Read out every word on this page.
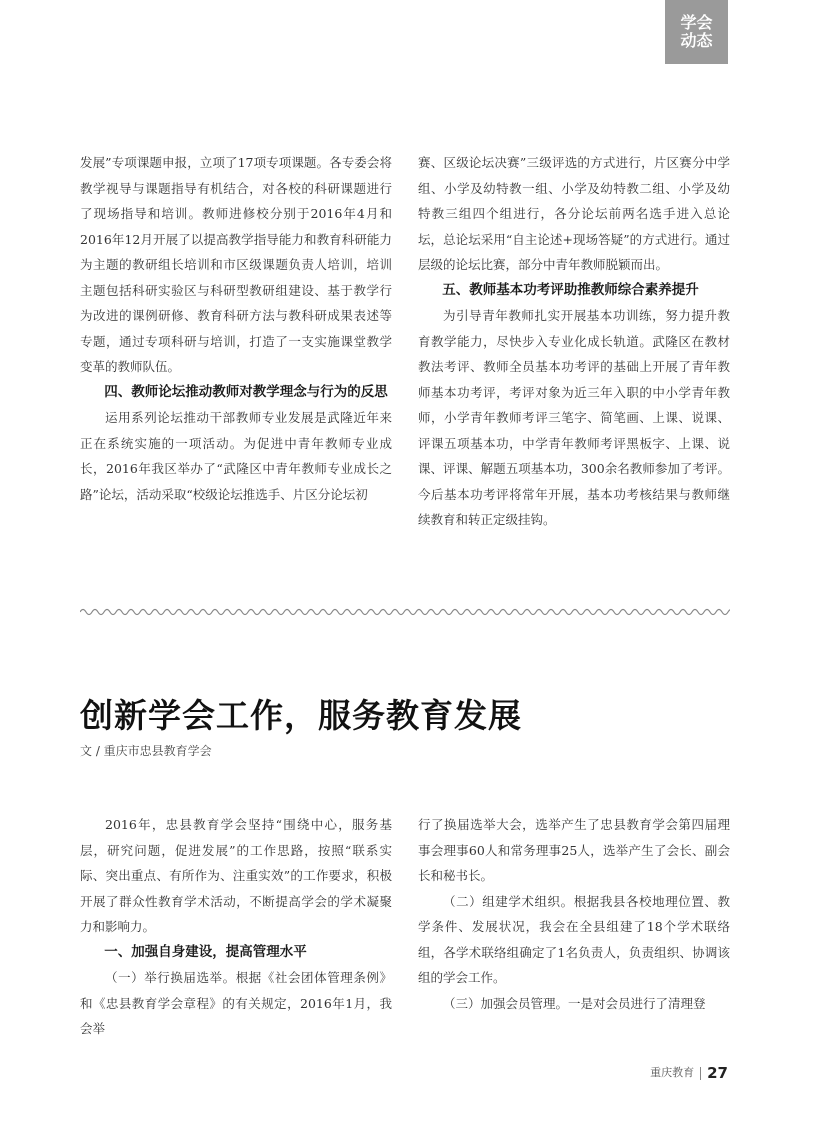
学会
动态

发展”专项课题申报，立项了17项专项课题。各专委会将教学视导与课题指导有机结合，对各校的科研课题进行了现场指导和培训。教师进修校分别于2016年4月和2016年12月开展了以提高教学指导能力和教育科研能力为主题的教研组长培训和市区级课题负责人培训，培训主题包括科研实验区与科研型教研组建设、基于教学行为改进的课例研修、教育科研方法与教科研成果表述等专题，通过专项科研与培训，打造了一支实施课堂教学变革的教师队伍。

四、教师论坛推动教师对教学理念与行为的反思

运用系列论坛推动干部教师专业发展是武隆近年来正在系统实施的一项活动。为促进中青年教师专业成长，2016年我区举办了“武隆区中青年教师专业成长之路”论坛，活动采取“校级论坛推选手、片区分论坛初

赛、区级论坛决赛”三级评选的方式进行，片区赛分中学组、小学及幼特教一组、小学及幼特教二组、小学及幼特教三组四个组进行，各分论坛前两名选手进入总论坛，总论坛采用“自主论述+现场答疑”的方式进行。通过层级的论坛比赛，部分中青年教师脱颖而出。

五、教师基本功考评助推教师综合素养提升

为引导青年教师扎实开展基本功训练，努力提升教育教学能力，尽快步入专业化成长轨道。武隆区在教材教法考评、教师全员基本功考评的基础上开展了青年教师基本功考评，考评对象为近三年入职的中小学青年教师，小学青年教师考评三笔字、简笔画、上课、说课、评课五项基本功，中学青年教师考评黑板字、上课、说课、评课、解题五项基本功，300余名教师参加了考评。今后基本功考评将常年开展，基本功考核结果与教师继续教育和转正定级挂钩。

创新学会工作，服务教育发展

文 / 重庆市忠县教育学会

2016年，忠县教育学会坚持“围绕中心，服务基层，研究问题，促进发展”的工作思路，按照“联系实际、突出重点、有所作为、注重实效”的工作要求，积极开展了群众性教育学术活动，不断提高学会的学术凝聚力和影响力。

一、加强自身建设，提高管理水平

（一）举行换届选举。根据《社会团体管理条例》和《忠县教育学会章程》的有关规定，2016年1月，我会举

行了换届选举大会，选举产生了忠县教育学会第四届理事会理事60人和常务理事25人，选举产生了会长、副会长和秘书长。

（二）组建学术组织。根据我县各校地理位置、教学条件、发展状况，我会在全县组建了18个学术联络组，各学术联络组确定了1名负责人，负责组织、协调该组的学会工作。

（三）加强会员管理。一是对会员进行了清理登

重庆教育 27
